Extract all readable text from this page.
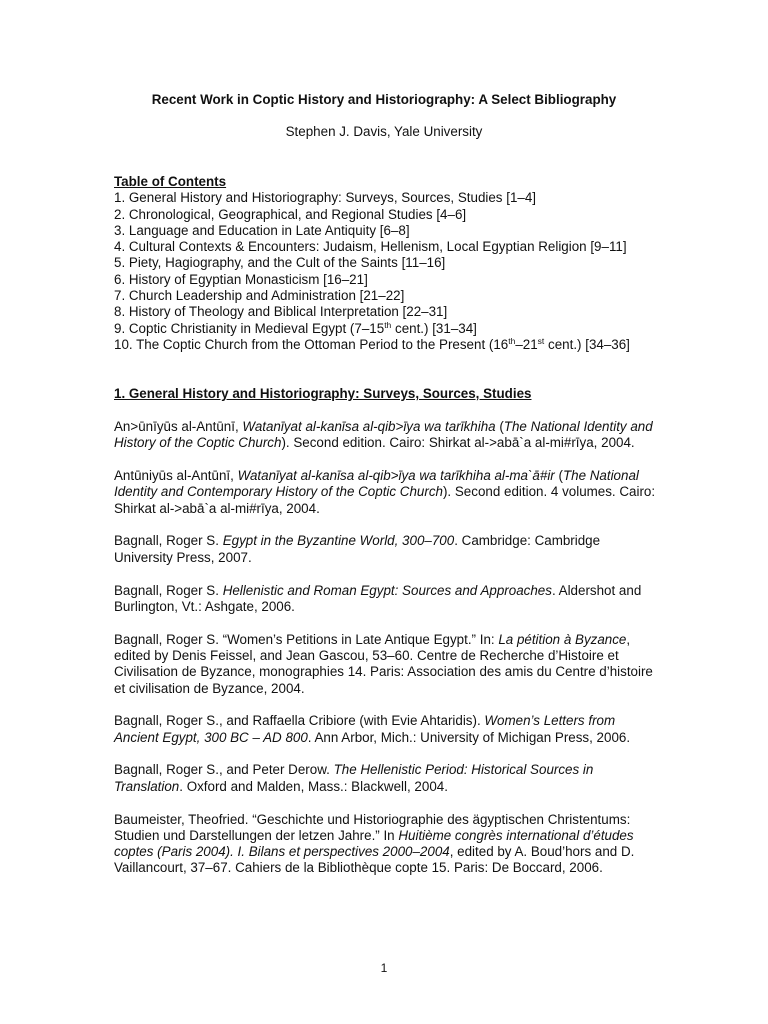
Recent Work in Coptic History and Historiography: A Select Bibliography
Stephen J. Davis, Yale University
Table of Contents
1. General History and Historiography: Surveys, Sources, Studies [1–4]
2. Chronological, Geographical, and Regional Studies [4–6]
3. Language and Education in Late Antiquity [6–8]
4. Cultural Contexts & Encounters: Judaism, Hellenism, Local Egyptian Religion [9–11]
5. Piety, Hagiography, and the Cult of the Saints [11–16]
6. History of Egyptian Monasticism [16–21]
7. Church Leadership and Administration [21–22]
8. History of Theology and Biblical Interpretation [22–31]
9. Coptic Christianity in Medieval Egypt (7–15th cent.) [31–34]
10. The Coptic Church from the Ottoman Period to the Present (16th–21st cent.) [34–36]
1. General History and Historiography: Surveys, Sources, Studies

An>ūnīyūs al-Antūnī, Watanīyat al-kanīsa al-qib>īya wa tarīkhiha (The National Identity and History of the Coptic Church). Second edition. Cairo: Shirkat al->abā`a al-mi#rīya, 2004.

Antūniyūs al-Antūnī, Watanīyat al-kanīsa al-qib>īya wa tarīkhiha al-ma`ā#ir (The National Identity and Contemporary History of the Coptic Church). Second edition. 4 volumes. Cairo: Shirkat al->abā`a al-mi#rīya, 2004.

Bagnall, Roger S. Egypt in the Byzantine World, 300–700. Cambridge: Cambridge University Press, 2007.

Bagnall, Roger S. Hellenistic and Roman Egypt: Sources and Approaches. Aldershot and Burlington, Vt.: Ashgate, 2006.

Bagnall, Roger S. “Women’s Petitions in Late Antique Egypt.” In: La pétition à Byzance, edited by Denis Feissel, and Jean Gascou, 53–60. Centre de Recherche d’Histoire et Civilisation de Byzance, monographies 14. Paris: Association des amis du Centre d’histoire et civilisation de Byzance, 2004.

Bagnall, Roger S., and Raffaella Cribiore (with Evie Ahtaridis). Women’s Letters from Ancient Egypt, 300 BC – AD 800. Ann Arbor, Mich.: University of Michigan Press, 2006.

Bagnall, Roger S., and Peter Derow. The Hellenistic Period: Historical Sources in Translation. Oxford and Malden, Mass.: Blackwell, 2004.

Baumeister, Theofried. “Geschichte und Historiographie des ägyptischen Christentums: Studien und Darstellungen der letzen Jahre.” In Huitième congrès international d’études coptes (Paris 2004). I. Bilans et perspectives 2000–2004, edited by A. Boud’hors and D. Vaillancourt, 37–67. Cahiers de la Bibliothèque copte 15. Paris: De Boccard, 2006.

1
